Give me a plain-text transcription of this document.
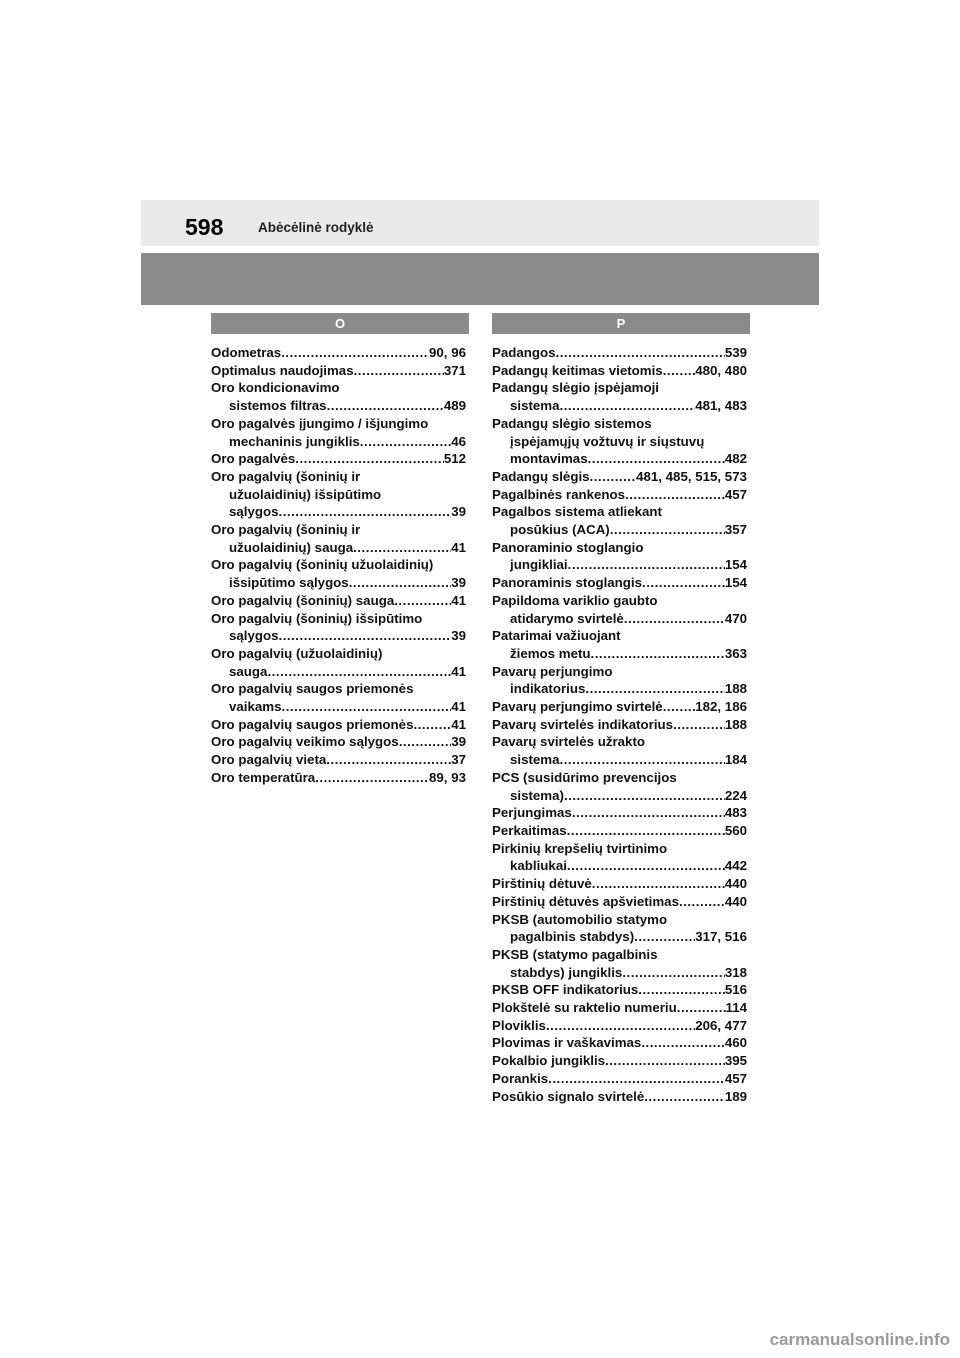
598	Abėcėlinė rodyklė
O	P
Odometras .....	90, 96
Optimalus naudojimas .....	371
Oro kondicionavimo
sistemos filtras .....	489
Oro pagalvės įjungimo / išjungimo
mechaninis jungiklis .....	46
Oro pagalvės .....	512
Oro pagalvių (šoninių ir
užuolaidinių) išsipūtimo
sąlygos .....	39
Oro pagalvių (šoninių ir
užuolaidinių) sauga .....	41
Oro pagalvių (šoninių užuolaidinių)
išsipūtimo sąlygos .....	39
Oro pagalvių (šoninių) sauga .....	41
Oro pagalvių (šoninių) išsipūtimo
sąlygos .....	39
Oro pagalvių (užuolaidinių)
sauga .....	41
Oro pagalvių saugos priemonės
vaikams .....	41
Oro pagalvių saugos priemonės .....	41
Oro pagalvių veikimo sąlygos .....	39
Oro pagalvių vieta .....	37
Oro temperatūra .....	89, 93
Padangos .....	539
Padangų keitimas vietomis ..... 480, 480
Padangų slėgio įspėjamoji
sistema .....	481, 483
Padangų slėgio sistemos
įspėjamųjų vožtuvų ir siųstuvų
montavimas .....	482
Padangų slėgis .....	481, 485, 515, 573
Pagalbinės rankenos .....	457
Pagalbos sistema atliekant
posūkius (ACA) .....	357
Panoraminio stoglangio
jungikliai .....	154
Panoraminis stoglangis .....	154
Papildoma variklio gaubto
atidarymo svirtelė .....	470
Patarimai važiuojant
žiemos metu .....	363
Pavarų perjungimo
indikatorius .....	188
Pavarų perjungimo svirtelė ..... 182, 186
Pavarų svirtelės indikatorius .....	188
Pavarų svirtelės užrakto
sistema .....	184
PCS (susidūrimo prevencijos
sistema) .....	224
Perjungimas .....	483
Perkaitimas .....	560
Pirkinių krepšelių tvirtinimo
kabliukai .....	442
Pirštinių dėtuvė .....	440
Pirštinių dėtuvės apšvietimas .....	440
PKSB (automobilio statymo
pagalbinis stabdys) .....	317, 516
PKSB (statymo pagalbinis
stabdys) jungiklis .....	318
PKSB OFF indikatorius .....	516
Plokštelė su raktelio numeriu .....	114
Ploviklis .....	206, 477
Plovimas ir vaškavimas .....	460
Pokalbio jungiklis .....	395
Porankis .....	457
Posūkio signalo svirtelė .....	189
carmanualsonline.info
